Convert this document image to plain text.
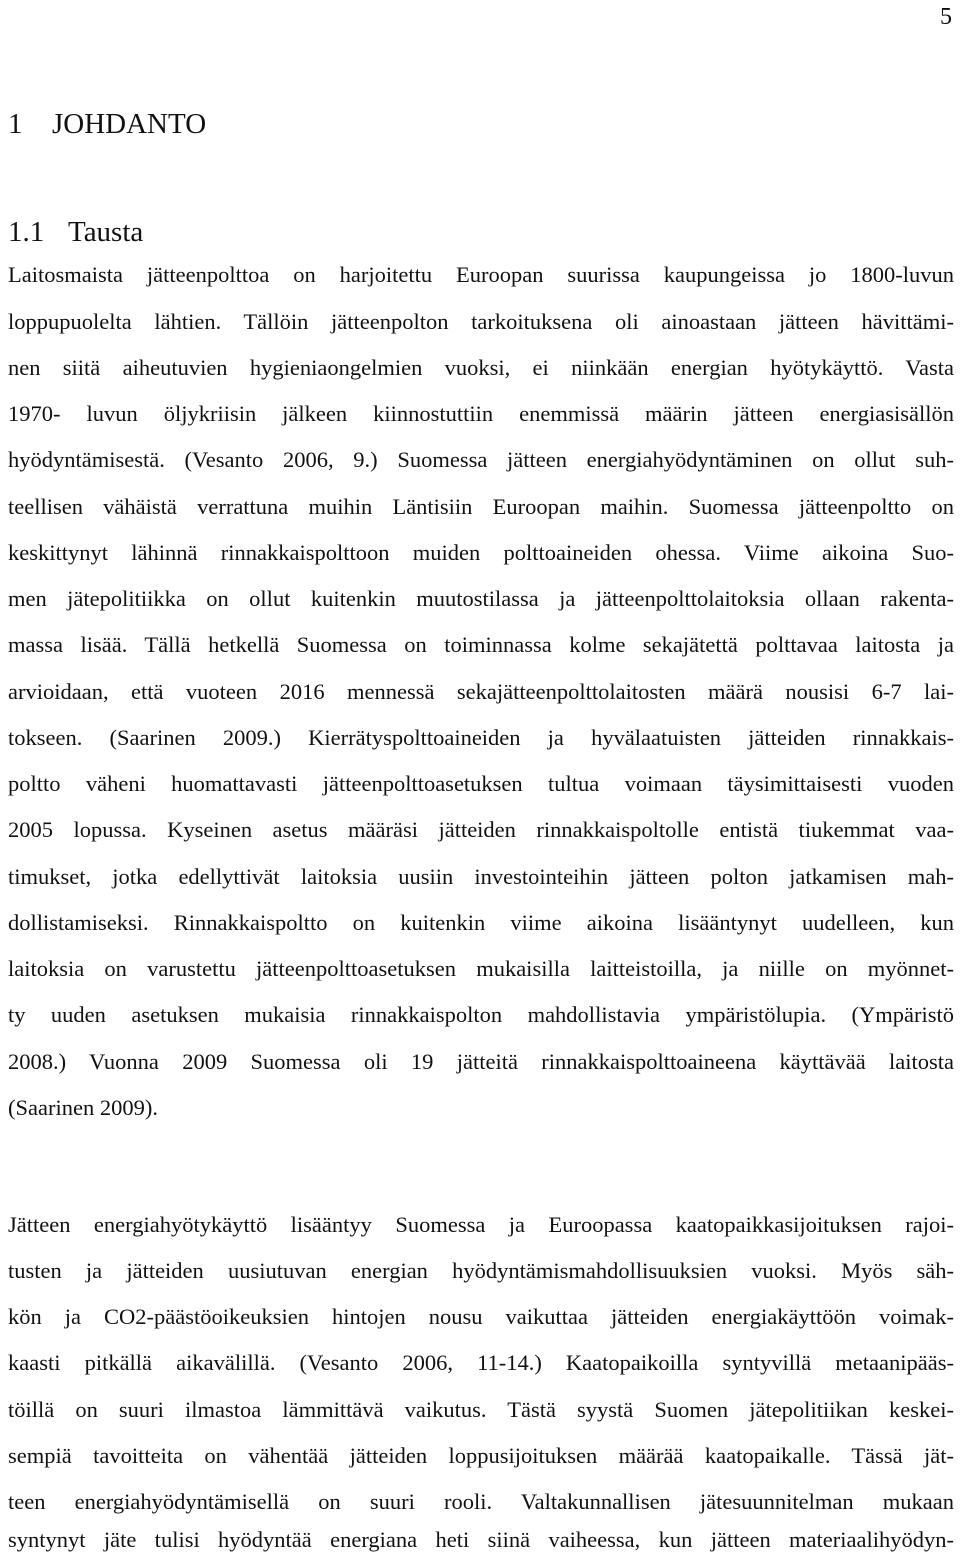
5
1 JOHDANTO
1.1 Tausta
Laitosmaista jätteenpolttoa on harjoitettu Euroopan suurissa kaupungeissa jo 1800-luvun
loppupuolelta lähtien. Tällöin jätteenpolton tarkoituksena oli ainoastaan jätteen hävittämi-
nen siitä aiheutuvien hygieniaongelmien vuoksi, ei niinkään energian hyötykäyttö. Vasta
1970- luvun öljykriisin jälkeen kiinnostuttiin enemmissä määrin jätteen energiasisällön
hyödyntämisestä. (Vesanto 2006, 9.) Suomessa jätteen energiahyödyntäminen on ollut suh-
teellisen vähäistä verrattuna muihin Läntisiin Euroopan maihin. Suomessa jätteenpoltto on
keskittynyt lähinnä rinnakkaispolttoon muiden polttoaineiden ohessa. Viime aikoina Suo-
men jätepolitiikka on ollut kuitenkin muutostilassa ja jätteenpolttolaitoksia ollaan rakenta-
massa lisää. Tällä hetkellä Suomessa on toiminnassa kolme sekajätettä polttavaa laitosta ja
arvioidaan, että vuoteen 2016 mennessä sekajätteenpolttolaitosten määrä nousisi 6-7 lai-
tokseen. (Saarinen 2009.) Kierrätyspolttoaineiden ja hyvälaatuisten jätteiden rinnakkais-
poltto väheni huomattavasti jätteenpolttoasetuksen tultua voimaan täysimittaisesti vuoden
2005 lopussa. Kyseinen asetus määräsi jätteiden rinnakkaispoltolle entistä tiukemmat vaa-
timukset, jotka edellyttivät laitoksia uusiin investointeihin jätteen polton jatkamisen mah-
dollistamiseksi. Rinnakkaispoltto on kuitenkin viime aikoina lisääntynyt uudelleen, kun
laitoksia on varustettu jätteenpolttoasetuksen mukaisilla laitteistoilla, ja niille on myönnet-
ty uuden asetuksen mukaisia rinnakkaispolton mahdollistavia ympäristölupia. (Ympäristö
2008.) Vuonna 2009 Suomessa oli 19 jätteitä rinnakkaispolttoaineena käyttävää laitosta
(Saarinen 2009).
Jätteen energiahyötykäyttö lisääntyy Suomessa ja Euroopassa kaatopaikkasijoituksen rajoi-
tusten ja jätteiden uusiutuvan energian hyödyntämismahdollisuuksien vuoksi. Myös säh-
kön ja CO2-päästöoikeuksien hintojen nousu vaikuttaa jätteiden energiakäyttöön voimak-
kaasti pitkällä aikavälillä. (Vesanto 2006, 11-14.) Kaatopaikoilla syntyvillä metaanipääs-
töillä on suuri ilmastoa lämmittävä vaikutus. Tästä syystä Suomen jätepolitiikan keskei-
sempiä tavoitteita on vähentää jätteiden loppusijoituksen määrää kaatopaikalle. Tässä jät-
teen energiahyödyntämisellä on suuri rooli. Valtakunnallisen jätesuunnitelman mukaan
syntynyt jäte tulisi hyödyntää energiana heti siinä vaiheessa, kun jätteen materiaalihyödyn-
